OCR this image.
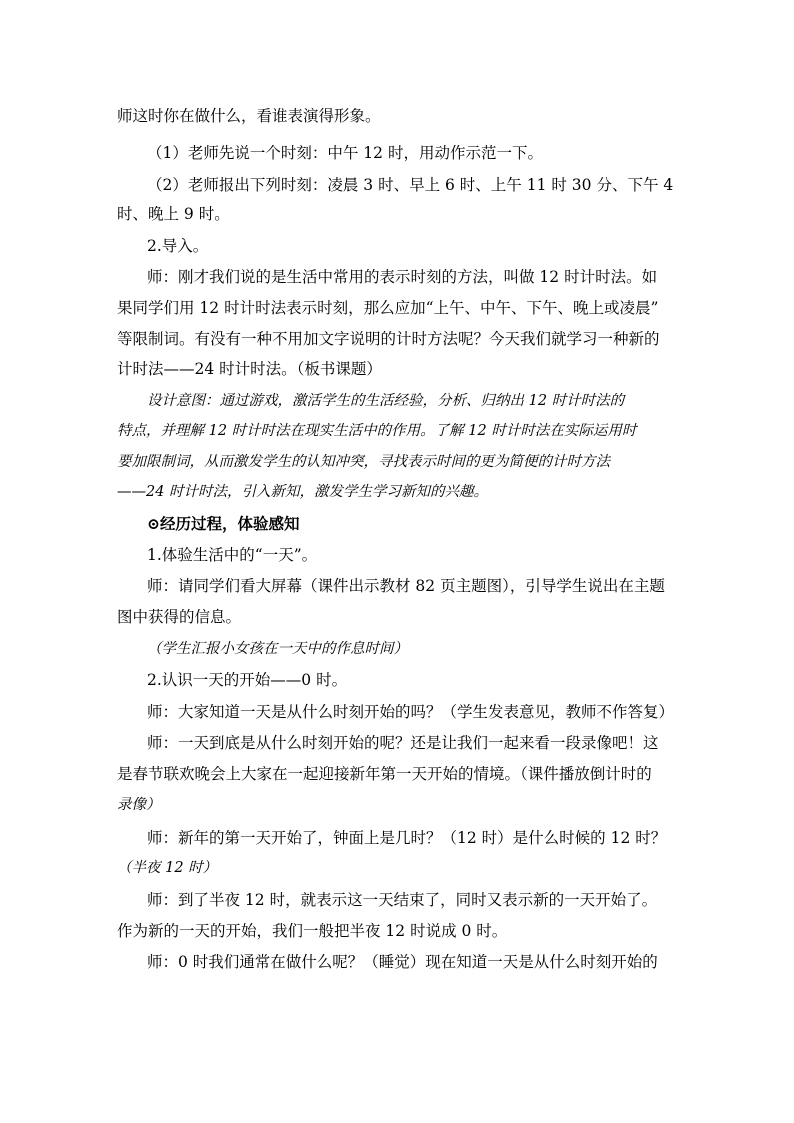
师这时你在做什么，看谁表演得形象。
（1）老师先说一个时刻：中午 12 时，用动作示范一下。
（2）老师报出下列时刻：凌晨 3 时、早上 6 时、上午 11 时 30 分、下午 4
时、晚上 9 时。
2.导入。
师：刚才我们说的是生活中常用的表示时刻的方法，叫做 12 时计时法。如
果同学们用 12 时计时法表示时刻，那么应加“上午、中午、下午、晚上或凌晨”
等限制词。有没有一种不用加文字说明的计时方法呢？今天我们就学习一种新的
计时法——24 时计时法。（板书课题）
设计意图：通过游戏，激活学生的生活经验，分析、归纳出 12 时计时法的
特点，并理解 12 时计时法在现实生活中的作用。了解 12 时计时法在实际运用时
要加限制词，从而激发学生的认知冲突，寻找表示时间的更为简便的计时方法
——24 时计时法，引入新知，激发学生学习新知的兴趣。
⊙经历过程，体验感知
1.体验生活中的“一天”。
师：请同学们看大屏幕（课件出示教材 82 页主题图），引导学生说出在主题
图中获得的信息。
（学生汇报小女孩在一天中的作息时间）
2.认识一天的开始——0 时。
师：大家知道一天是从什么时刻开始的吗？（学生发表意见，教师不作答复）
师：一天到底是从什么时刻开始的呢？还是让我们一起来看一段录像吧！这
是春节联欢晚会上大家在一起迎接新年第一天开始的情境。（课件播放倒计时的
录像）
师：新年的第一天开始了，钟面上是几时？（12 时）是什么时候的 12 时？
（半夜 12 时）
师：到了半夜 12 时，就表示这一天结束了，同时又表示新的一天开始了。
作为新的一天的开始，我们一般把半夜 12 时说成 0 时。
师：0 时我们通常在做什么呢？（睡觉）现在知道一天是从什么时刻开始的
